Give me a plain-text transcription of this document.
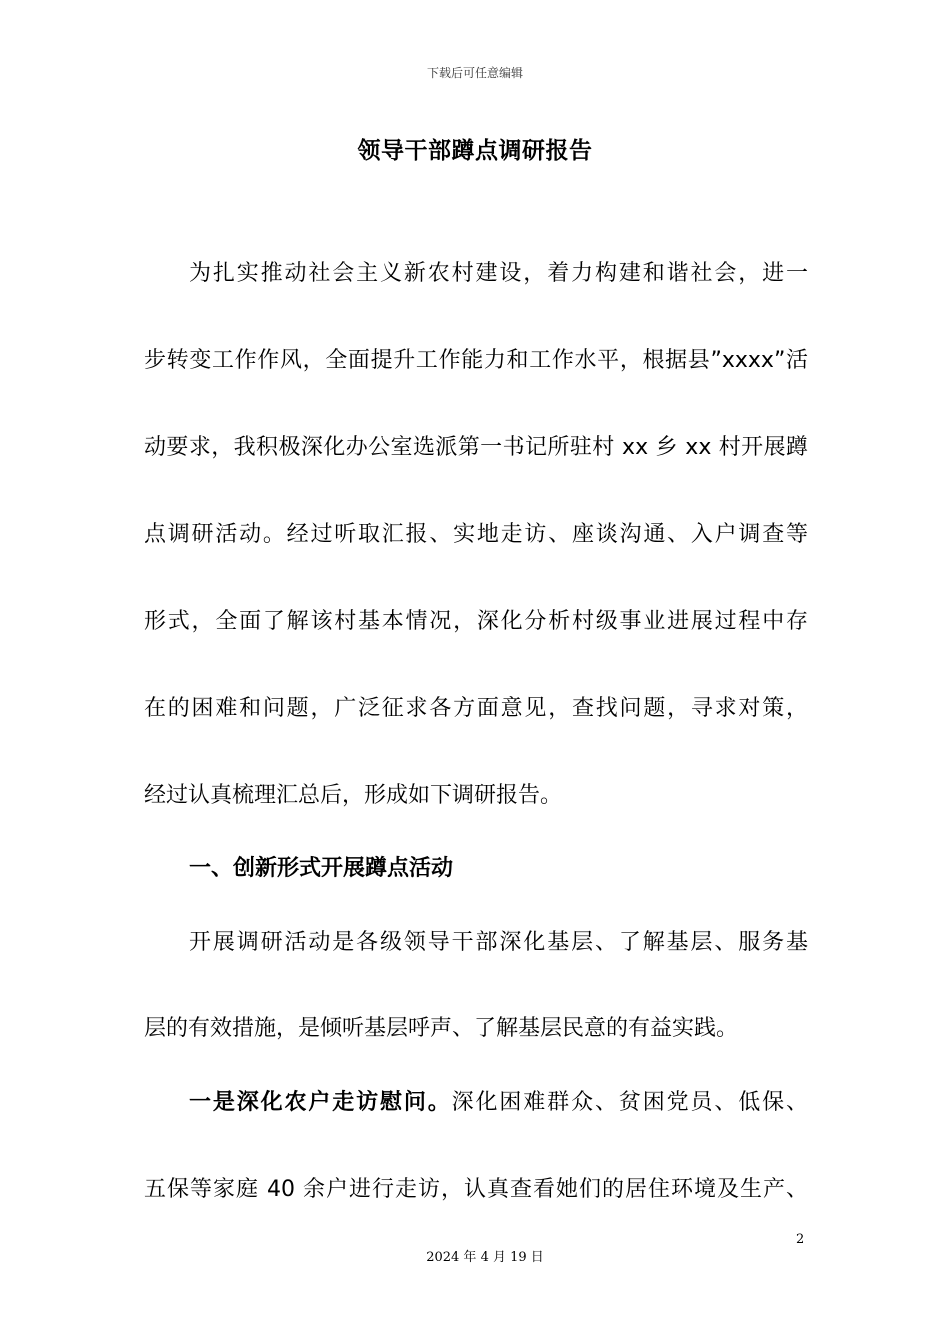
下载后可任意编辑
领导干部蹲点调研报告
为扎实推动社会主义新农村建设，着力构建和谐社会，进一
步转变工作作风，全面提升工作能力和工作水平，根据县”xxxx”活
动要求，我积极深化办公室选派第一书记所驻村 xx 乡 xx 村开展蹲
点调研活动。经过听取汇报、实地走访、座谈沟通、入户调查等
形式，全面了解该村基本情况，深化分析村级事业进展过程中存
在的困难和问题，广泛征求各方面意见，查找问题，寻求对策，
经过认真梳理汇总后，形成如下调研报告。
一、创新形式开展蹲点活动
开展调研活动是各级领导干部深化基层、了解基层、服务基
层的有效措施，是倾听基层呼声、了解基层民意的有益实践。
一是深化农户走访慰问。深化困难群众、贫困党员、低保、
五保等家庭 40 余户进行走访，认真查看她们的居住环境及生产、
2
2024 年 4 月 19 日
